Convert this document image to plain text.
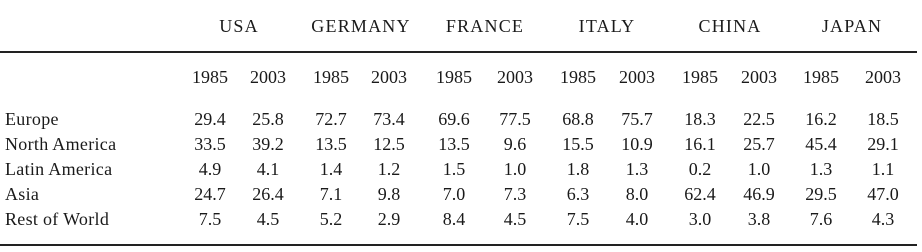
USA	GERMANY FRANCE	ITALY	CHINA	JAPAN
1985 2003 1985 2003 1985 2003 1985 2003 1985 2003 1985 2003
Europe	29.4 25.8 72.7 73.4 69.6 77.5 68.8 75.7 18.3 22.5 16.2 18.5
North America	33.5 39.2 13.5 12.5 13.5 9.6 15.5 10.9 16.1 25.7 45.4 29.1
Latin America	4.9 4.1 1.4 1.2 1.5 1.0 1.8 1.3 0.2 1.0 1.3 1.1
Asia	24.7 26.4 7.1 9.8 7.0 7.3 6.3 8.0 62.4 46.9 29.5 47.0
Rest of World	7.5 4.5 5.2 2.9 8.4 4.5 7.5 4.0 3.0 3.8 7.6 4.3
